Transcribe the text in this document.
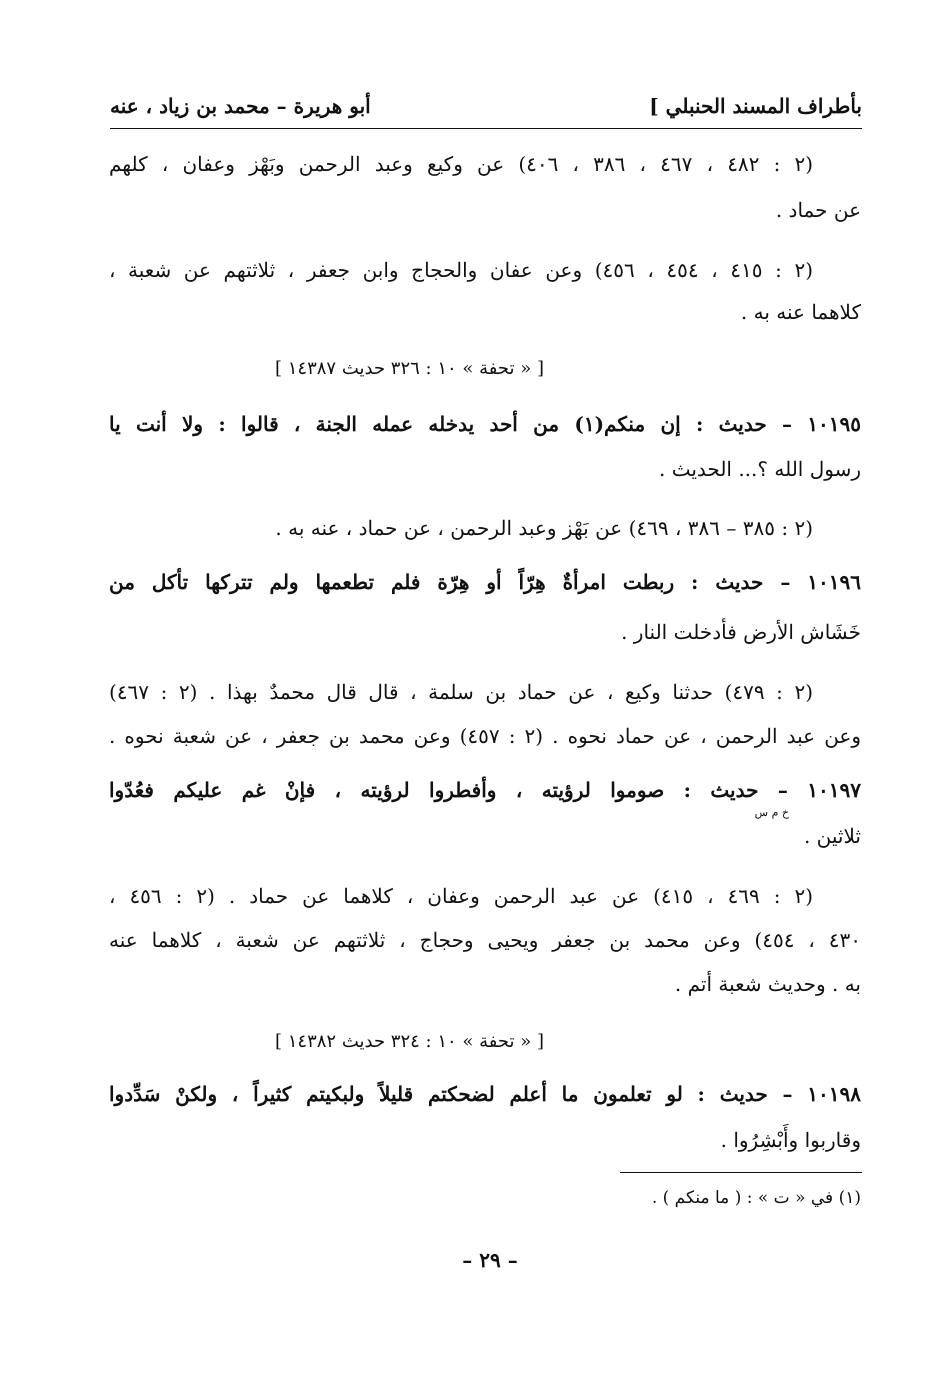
بأطراف المسند الحنبلي ]
أبو هريرة – محمد بن زياد ، عنه
(٢ : ٤٨٢ ، ٤٦٧ ، ٣٨٦ ، ٤٠٦) عن وكيع وعبد الرحمن وبَهْز وعفان ، كلهم
عن حماد .
(٢ : ٤١٥ ، ٤٥٤ ، ٤٥٦) وعن عفان والحجاج وابن جعفر ، ثلاثتهم عن شعبة ،
كلاهما عنه به .
[ « تحفة » ١٠ : ٣٢٦ حديث ١٤٣٨٧ ]
١٠١٩٥ – حديث : إن منكم(١) من أحد يدخله عمله الجنة ، قالوا : ولا أنت يا
رسول الله ؟... الحديث .
(٢ : ٣٨٥ – ٣٨٦ ، ٤٦٩) عن بَهْز وعبد الرحمن ، عن حماد ، عنه به .
١٠١٩٦ – حديث : ربطت امرأةٌ هِرّاً أو هِرّة فلم تطعمها ولم تتركها تأكل من
خَشَاش الأرض فأدخلت النار .
(٢ : ٤٧٩) حدثنا وكيع ، عن حماد بن سلمة ، قال قال محمدٌ بهذا . (٢ : ٤٦٧)
وعن عبد الرحمن ، عن حماد نحوه . (٢ : ٤٥٧) وعن محمد بن جعفر ، عن شعبة نحوه .
١٠١٩٧ – حديث : صوموا لرؤيته ، وأفطروا لرؤيته ، فإنْ غم عليكم فعُدّوا
خ م س
ثلاثين .
(٢ : ٤٦٩ ، ٤١٥) عن عبد الرحمن وعفان ، كلاهما عن حماد . (٢ : ٤٥٦ ،
٤٣٠ ، ٤٥٤) وعن محمد بن جعفر ويحيى وحجاج ، ثلاثتهم عن شعبة ، كلاهما عنه
به . وحديث شعبة أتم .
[ « تحفة » ١٠ : ٣٢٤ حديث ١٤٣٨٢ ]
١٠١٩٨ – حديث : لو تعلمون ما أعلم لضحكتم قليلاً ولبكيتم كثيراً ، ولكنْ سَدِّدوا
وقاربوا وأَبْشِرُوا .
(١) في « ت » : ( ما منكم ) .
– ٢٩ –
